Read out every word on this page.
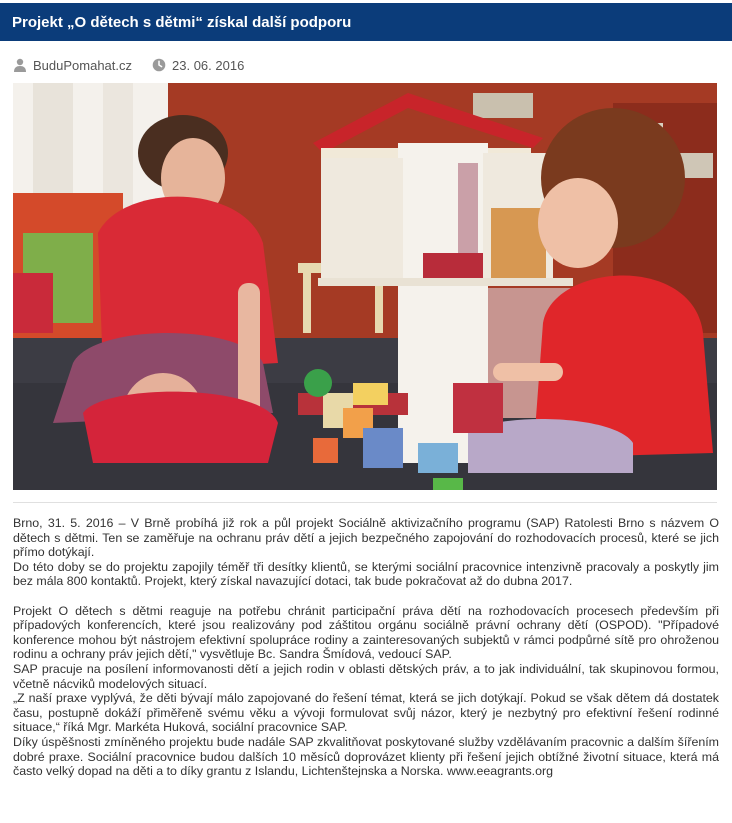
Projekt „O dětech s dětmi“ získal další podporu
BuduPomahat.cz	23. 06. 2016

Brno, 31. 5. 2016 – V Brně probíhá již rok a půl projekt Sociálně aktivizačního programu (SAP) Ratolesti Brno s názvem O dětech s dětmi. Ten se zaměřuje na ochranu práv dětí a jejich bezpečného zapojování do rozhodovacích procesů, které se jich přímo dotýkají.

Do této doby se do projektu zapojily téměř tři desítky klientů, se kterými sociální pracovnice intenzivně pracovaly a poskytly jim bez mála 800 kontaktů. Projekt, který získal navazující dotaci, tak bude pokračovat až do dubna 2017.

Projekt O dětech s dětmi reaguje na potřebu chránit participační práva dětí na rozhodovacích procesech především při případových konferencích, které jsou realizovány pod záštitou orgánu sociálně právní ochrany dětí (OSPOD). "Případové konference mohou být nástrojem efektivní spolupráce rodiny a zainteresovaných subjektů v rámci podpůrné sítě pro ohroženou rodinu a ochrany práv jejich dětí," vysvětluje Bc. Sandra Šmídová, vedoucí SAP.

SAP pracuje na posílení informovanosti dětí a jejich rodin v oblasti dětských práv, a to jak individuální, tak skupinovou formou, včetně nácviků modelových situací.

„Z naší praxe vyplývá, že děti bývají málo zapojované do řešení témat, která se jich dotýkají. Pokud se však dětem dá dostatek času, postupně dokáží přiměřeně svému věku a vývoji formulovat svůj názor, který je nezbytný pro efektivní řešení rodinné situace,“ říká Mgr. Markéta Huková, sociální pracovnice SAP.

Díky úspěšnosti zmíněného projektu bude nadále SAP zkvalitňovat poskytované služby vzdělávaním pracovnic a dalším šířením dobré praxe. Sociální pracovnice budou dalších 10 měsíců doprovázet klienty při řešení jejich obtížné životní situace, která má často velký dopad na děti a to díky grantu z Islandu, Lichtenštejnska a Norska. www.eeagrants.org
